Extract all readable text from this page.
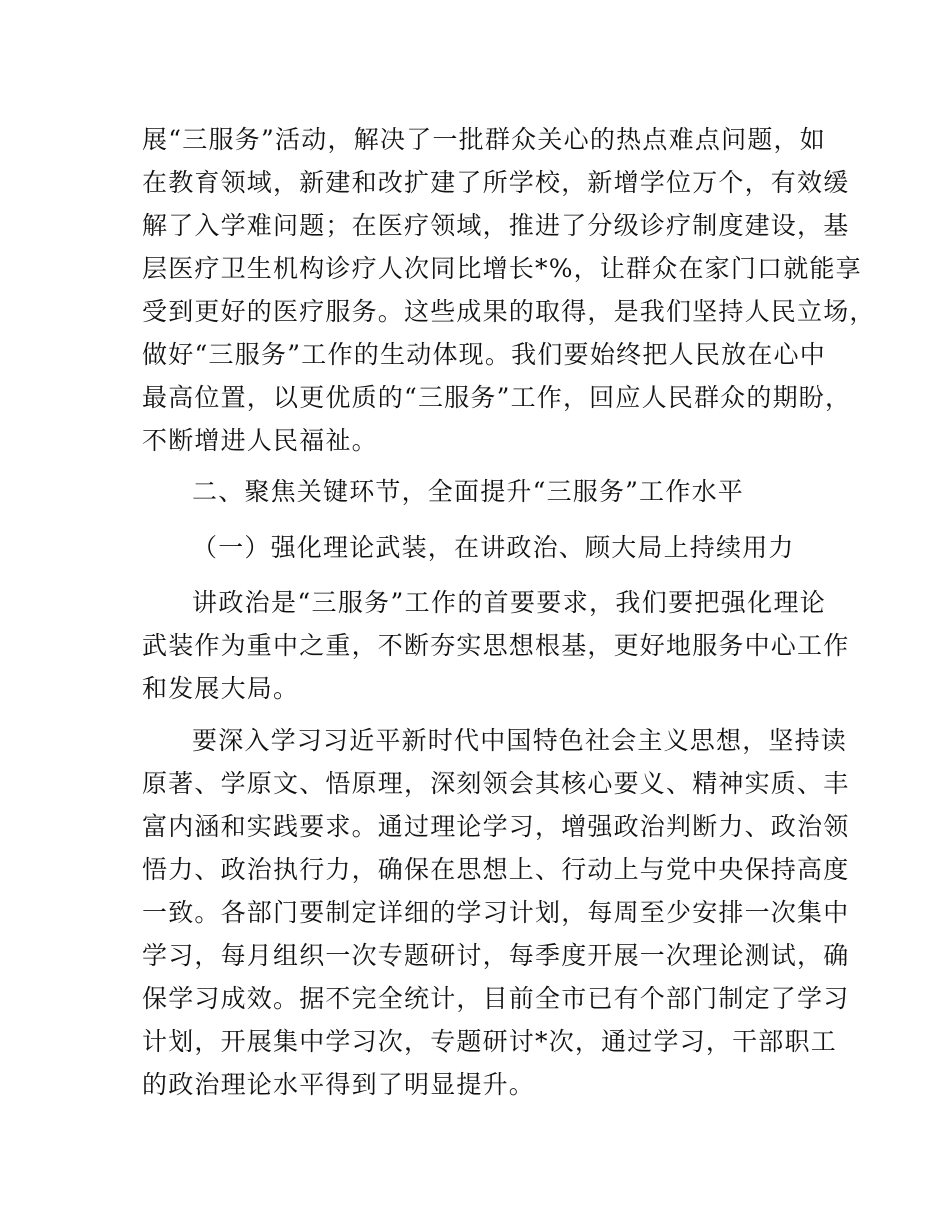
展“三服务”活动，解决了一批群众关心的热点难点问题，如
在教育领域，新建和改扩建了所学校，新增学位万个，有效缓
解了入学难问题；在医疗领域，推进了分级诊疗制度建设，基
层医疗卫生机构诊疗人次同比增长*%，让群众在家门口就能享
受到更好的医疗服务。这些成果的取得，是我们坚持人民立场，
做好“三服务”工作的生动体现。我们要始终把人民放在心中
最高位置，以更优质的“三服务”工作，回应人民群众的期盼，
不断增进人民福祉。
二、聚焦关键环节，全面提升“三服务”工作水平
（一）强化理论武装，在讲政治、顾大局上持续用力
讲政治是“三服务”工作的首要要求，我们要把强化理论
武装作为重中之重，不断夯实思想根基，更好地服务中心工作
和发展大局。
要深入学习习近平新时代中国特色社会主义思想，坚持读
原著、学原文、悟原理，深刻领会其核心要义、精神实质、丰
富内涵和实践要求。通过理论学习，增强政治判断力、政治领
悟力、政治执行力，确保在思想上、行动上与党中央保持高度
一致。各部门要制定详细的学习计划，每周至少安排一次集中
学习，每月组织一次专题研讨，每季度开展一次理论测试，确
保学习成效。据不完全统计，目前全市已有个部门制定了学习
计划，开展集中学习次，专题研讨*次，通过学习，干部职工
的政治理论水平得到了明显提升。
